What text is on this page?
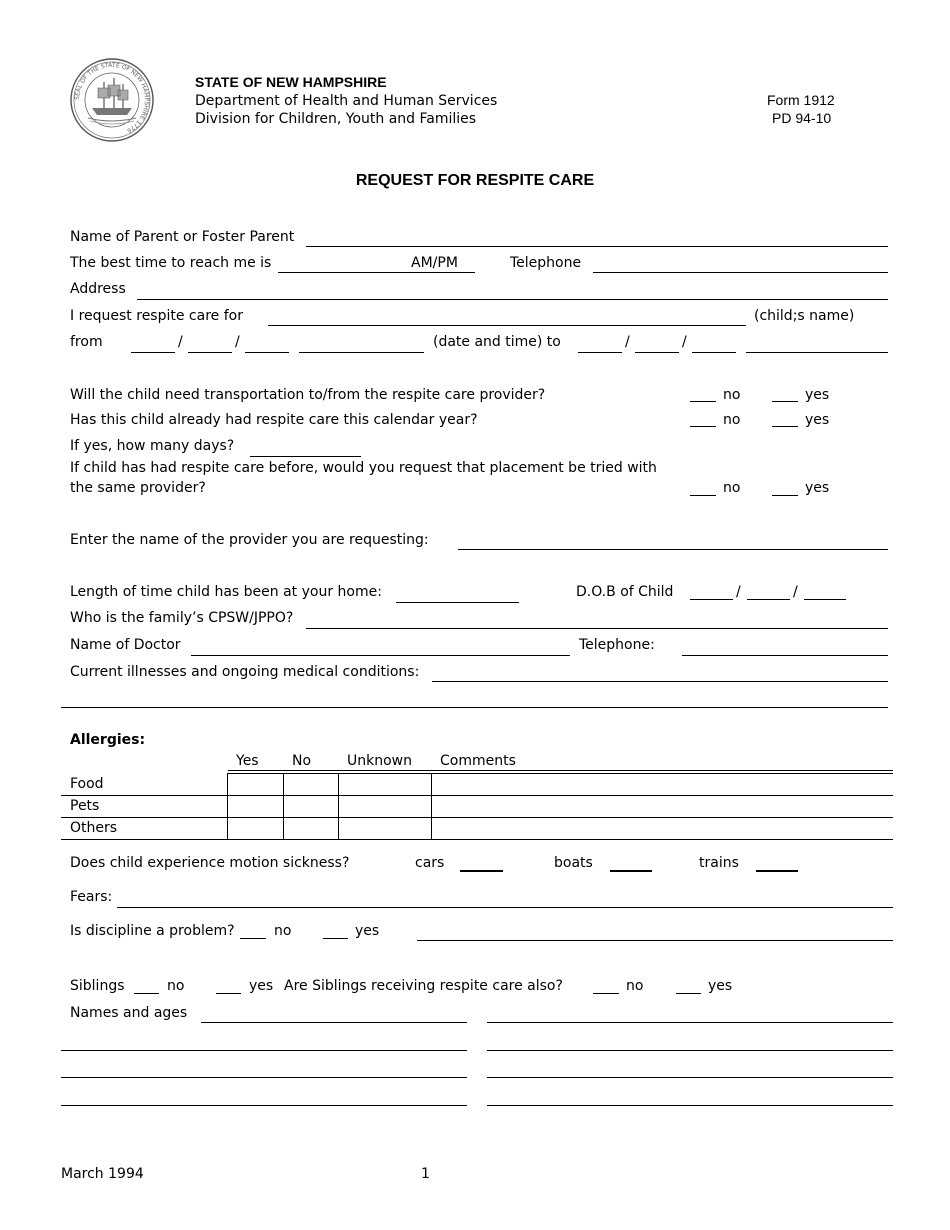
SEAL OF THE STATE OF NEW HAMPSHIRE 1776
STATE OF NEW HAMPSHIRE
Department of Health and Human Services
Division for Children, Youth and Families
Form 1912
PD 94-10
REQUEST FOR RESPITE CARE
Name of Parent or Foster Parent
The best time to reach me is	AM/PM	Telephone
Address
I request respite care for	(child;s name)
from	/	/	(date and time) to	/	/
Will the child need transportation to/from the respite care provider?	no	yes
Has this child already had respite care this calendar year?	no	yes
If yes, how many days?
If child has had respite care before, would you request that placement be tried with
the same provider?	no	yes
Enter the name of the provider you are requesting:
Length of time child has been at your home:	D.O.B of Child	/	/
Who is the family’s CPSW/JPPO?
Name of Doctor	Telephone:
Current illnesses and ongoing medical conditions:
Allergies:
Yes No	Unknown Comments
Food
Pets
Others
Does child experience motion sickness?	cars	boats	trains
Fears:
Is discipline a problem?	no	yes
Siblings	no	yes Are Siblings receiving respite care also?	no	yes
Names and ages
March 1994	1
